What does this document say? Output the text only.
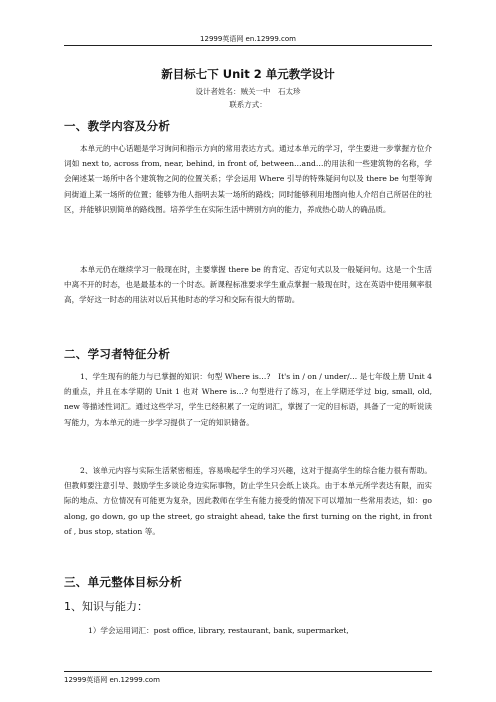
12999英语网 en.12999.com
新目标七下 Unit 2 单元教学设计
设计者姓名：贼关一中　石太珍
联系方式：
一、教学内容及分析
本单元的中心话题是学习询问和指示方向的常用表达方式。通过本单元的学习，学生要进一步掌握方位介词如 next to, across from, near, behind, in front of, between…and…的用法和一些建筑物的名称，学会阐述某一场所中各个建筑物之间的位置关系；学会运用 Where 引导的特殊疑问句以及 there be 句型等询问街道上某一场所的位置；能够为他人指明去某一场所的路线；同时能够利用地图向他人介绍自己所居住的社区，并能够识别简单的路线图。培养学生在实际生活中辨别方向的能力，养成热心助人的确品质。
本单元仍在继续学习一般现在时，主要掌握 there be 的肯定、否定句式以及一般疑问句。这是一个生活中离不开的时态，也是最基本的一个时态。新课程标准要求学生重点掌握一般现在时，这在英语中使用频率很高，学好这一时态的用法对以后其他时态的学习和交际有很大的帮助。
二、学习者特征分析
1、学生现有的能力与已掌握的知识：句型 Where is…?　It's in / on / under/… 是七年级上册 Unit 4 的重点，并且在本学期的 Unit 1 也对 Where is…? 句型进行了练习，在上学期还学过 big, small, old, new 等描述性词汇。通过这些学习，学生已经积累了一定的词汇，掌握了一定的目标语，具备了一定的听说读写能力，为本单元的进一步学习提供了一定的知识储备。
2、该单元内容与实际生活紧密相连，容易唤起学生的学习兴趣，这对于提高学生的综合能力很有帮助。但教师要注意引导、鼓励学生多谈论身边实际事物，防止学生只会纸上谈兵。由于本单元所学表达有限，而实际的地点、方位情况有可能更为复杂，因此教师在学生有能力接受的情况下可以增加一些常用表达，如：go along, go down, go up the street, go straight ahead, take the first turning on the right, in front of , bus stop, station 等。
三、单元整体目标分析
1、知识与能力：
1）学会运用词汇：post office, library, restaurant, bank, supermarket,
12999英语网 en.12999.com
